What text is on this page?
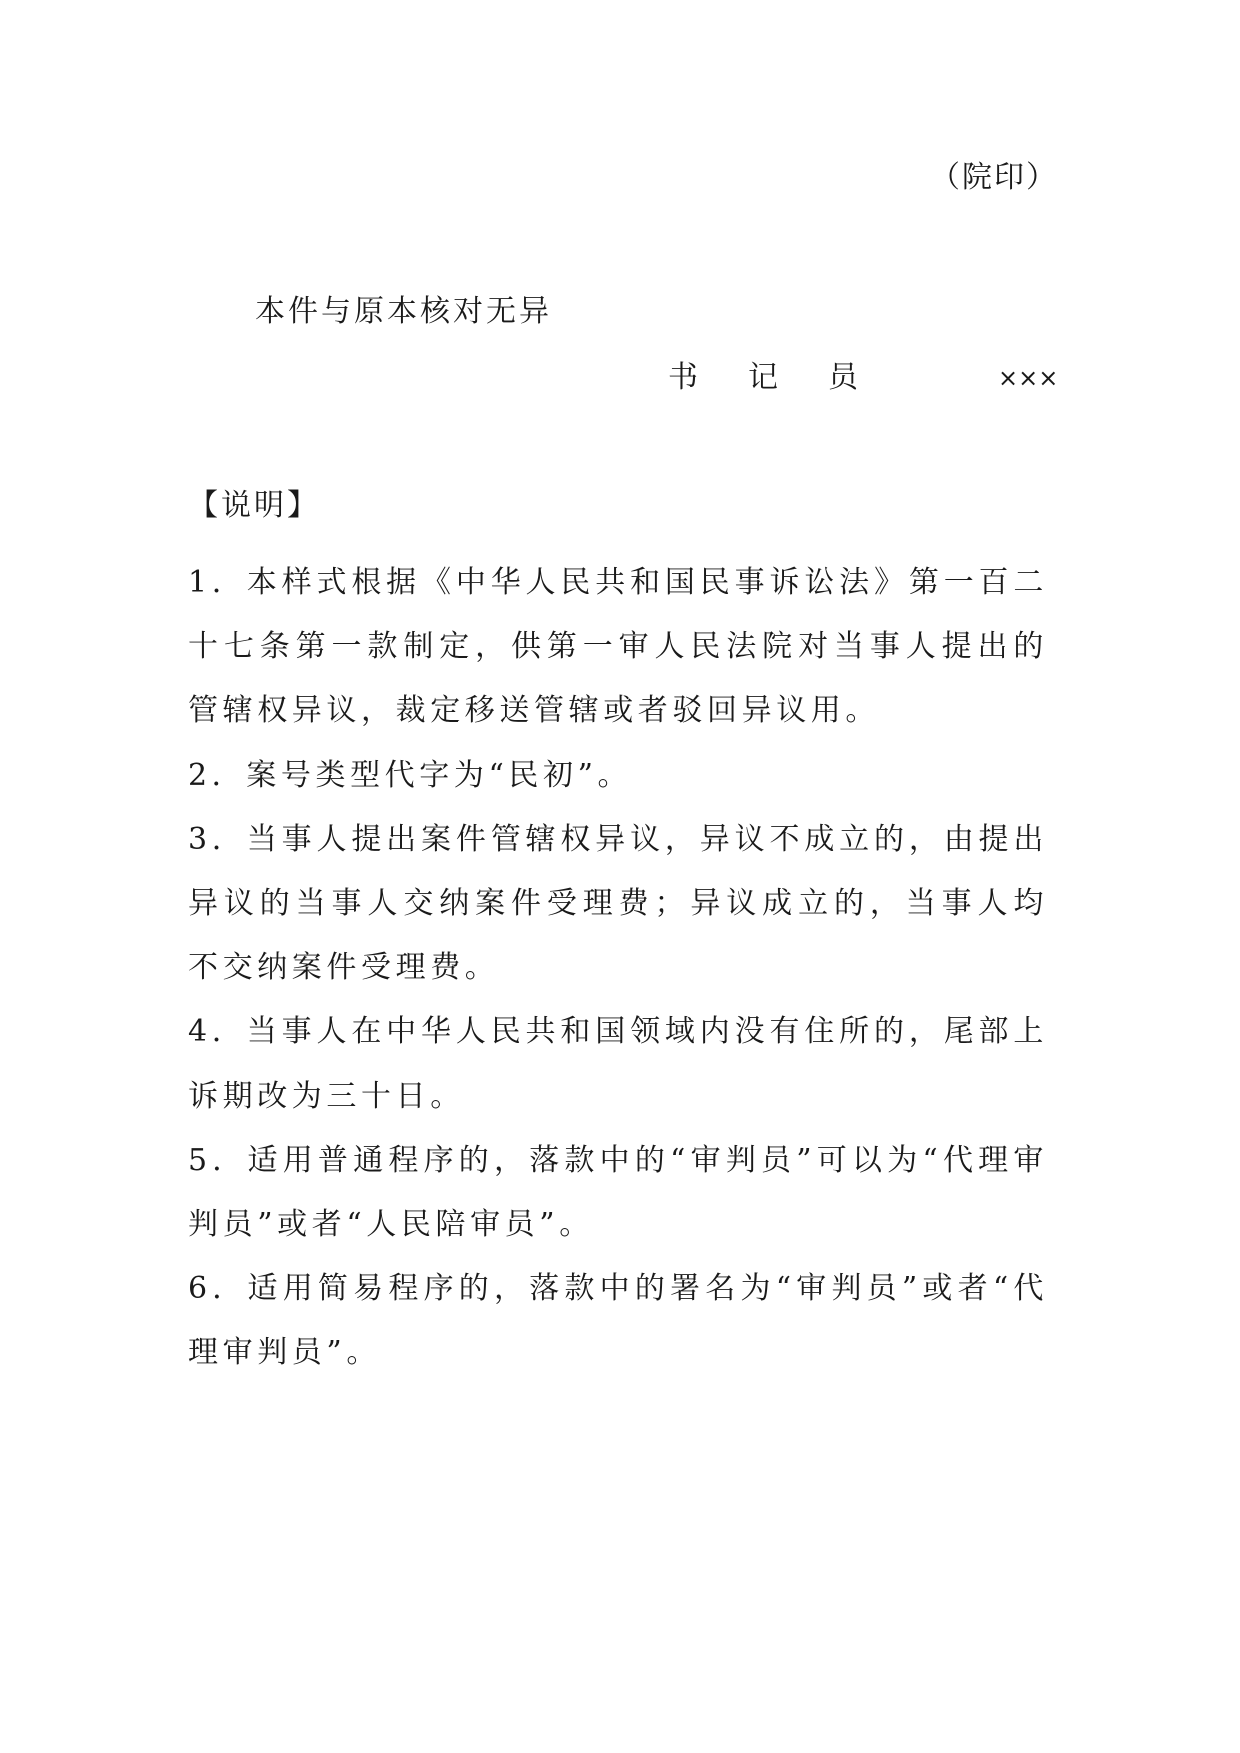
（院印）
本件与原本核对无异
书记员	×××
【说明】
1．本样式根据《中华人民共和国民事诉讼法》第一百二十七条第一款制定，供第一审人民法院对当事人提出的管辖权异议，裁定移送管辖或者驳回异议用。
2．案号类型代字为“民初”。
3．当事人提出案件管辖权异议，异议不成立的，由提出异议的当事人交纳案件受理费；异议成立的，当事人均不交纳案件受理费。
4．当事人在中华人民共和国领域内没有住所的，尾部上诉期改为三十日。
5．适用普通程序的，落款中的“审判员”可以为“代理审判员”或者“人民陪审员”。
6．适用简易程序的，落款中的署名为“审判员”或者“代理审判员”。
